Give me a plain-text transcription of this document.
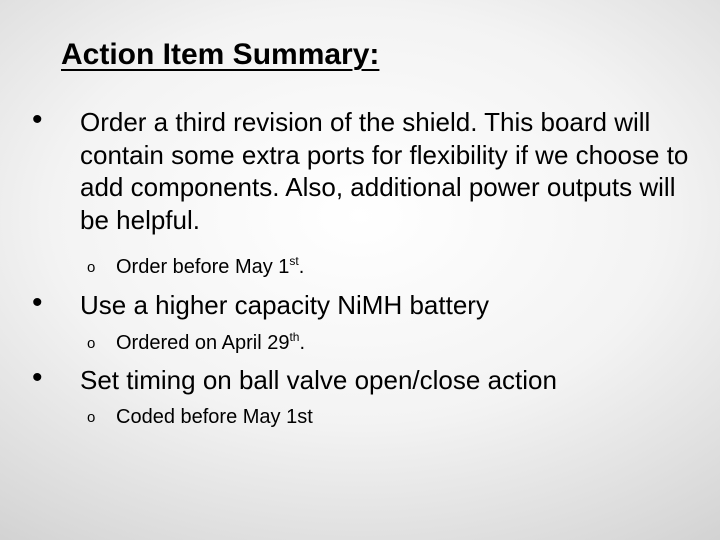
Action Item Summary:
• Order a third revision of the shield. This board will contain some extra ports for flexibility if we choose to add components. Also, additional power outputs will be helpful.
o Order before May 1st.
• Use a higher capacity NiMH battery
o Ordered on April 29th.
• Set timing on ball valve open/close action
o Coded before May 1st
